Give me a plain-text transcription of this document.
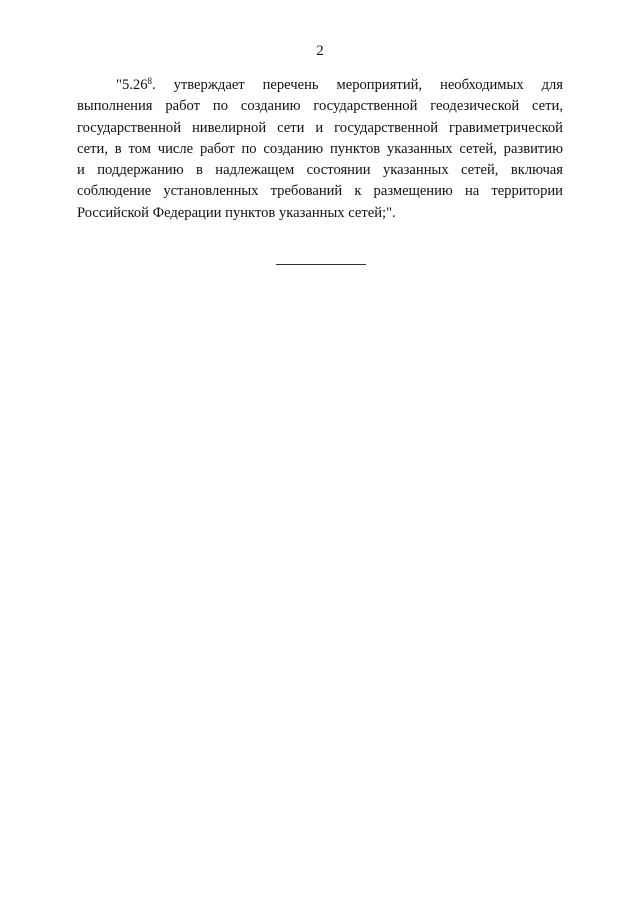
2

"5.26$^8$. утверждает перечень мероприятий, необходимых для
выполнения работ по созданию государственной геодезической сети,
государственной нивелирной сети и государственной гравиметрической
сети, в том числе работ по созданию пунктов указанных сетей, развитию
и поддержанию в надлежащем состоянии указанных сетей, включая
соблюдение установленных требований к размещению на территории
Российской Федерации пунктов указанных сетей;".
